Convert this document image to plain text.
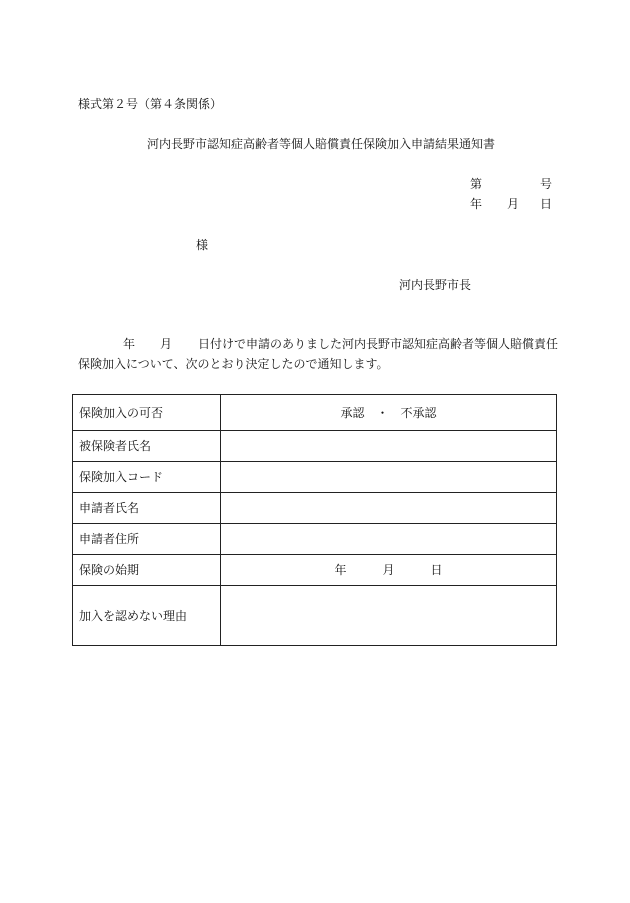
様式第２号（第４条関係）
河内長野市認知症高齢者等個人賠償責任保険加入申請結果通知書
第	号
年 月 日
様
河内長野市長
年 月 日付けで申請のありました河内長野市認知症高齢者等個人賠償責任
保険加入について、次のとおり決定したので通知します。
保険加入の可否	承認　・　不承認
被保険者氏名	
保険加入コード	
申請者氏名	
申請者住所	
保険の始期	年　　　月　　　日
加入を認めない理由	
